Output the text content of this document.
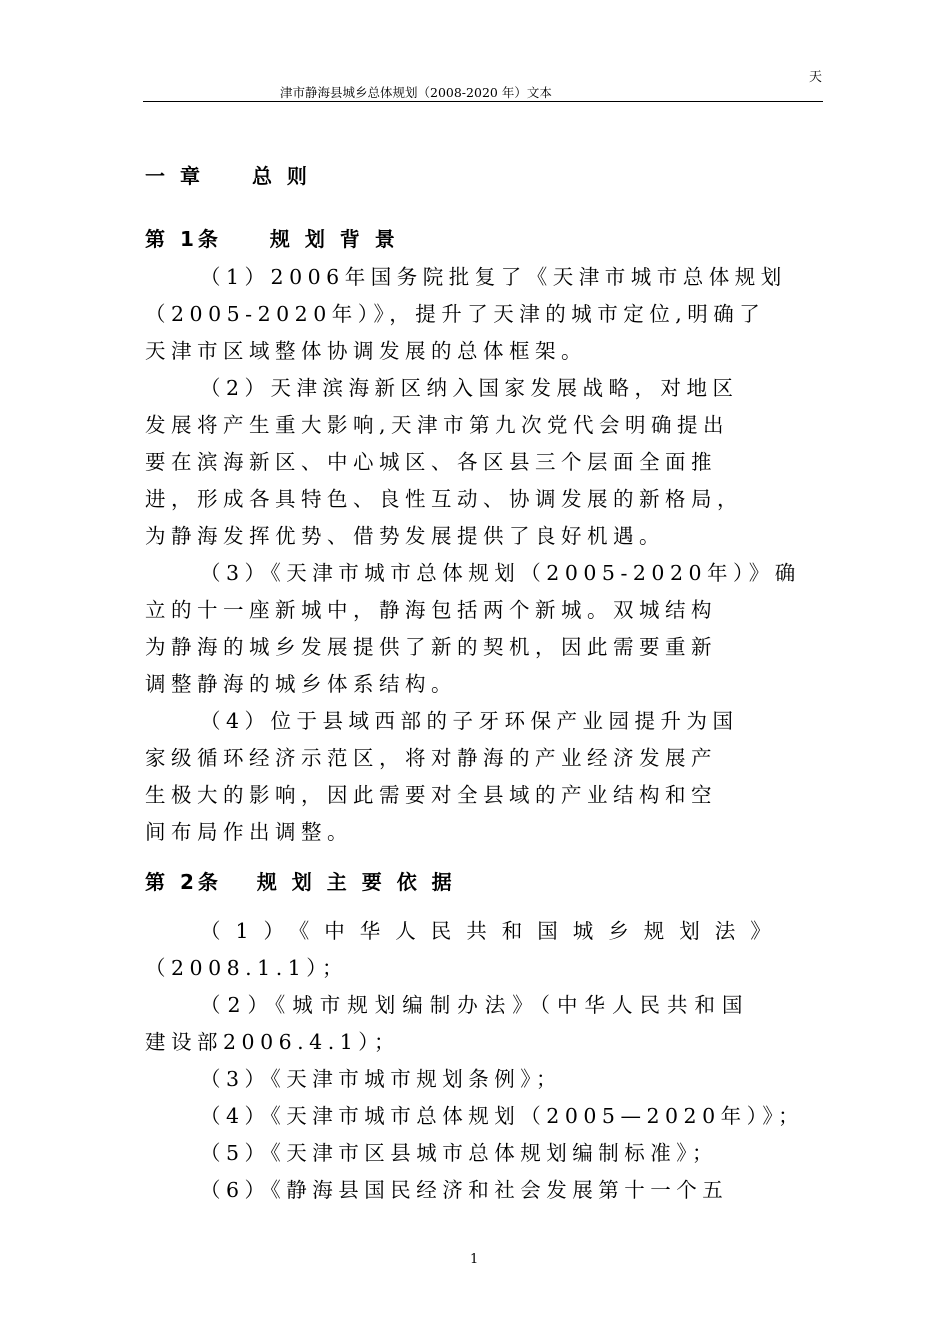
天
津市静海县城乡总体规划（2008-2020 年）文本
一 章　　总 则
第 1条　　规 划 背 景
（1）2006年国务院批复了《天津市城市总体规划
（2005-2020年）》，提升了天津的城市定位,明确了
天津市区域整体协调发展的总体框架。
（2）天津滨海新区纳入国家发展战略，对地区
发展将产生重大影响,天津市第九次党代会明确提出
要在滨海新区、中心城区、各区县三个层面全面推
进，形成各具特色、良性互动、协调发展的新格局，
为静海发挥优势、借势发展提供了良好机遇。
（3）《天津市城市总体规划（2005-2020年）》确
立的十一座新城中，静海包括两个新城。双城结构
为静海的城乡发展提供了新的契机，因此需要重新
调整静海的城乡体系结构。
（4）位于县域西部的子牙环保产业园提升为国
家级循环经济示范区，将对静海的产业经济发展产
生极大的影响，因此需要对全县域的产业结构和空
间布局作出调整。
第 2条　 规 划 主 要 依 据
（1）《中华人民共和国城乡规划法》
（2008.1.1）；
（2）《城市规划编制办法》（中华人民共和国
建设部2006.4.1）；
（3）《天津市城市规划条例》；
（4）《天津市城市总体规划（2005—2020年）》；
（5）《天津市区县城市总体规划编制标准》；
（6）《静海县国民经济和社会发展第十一个五
1
